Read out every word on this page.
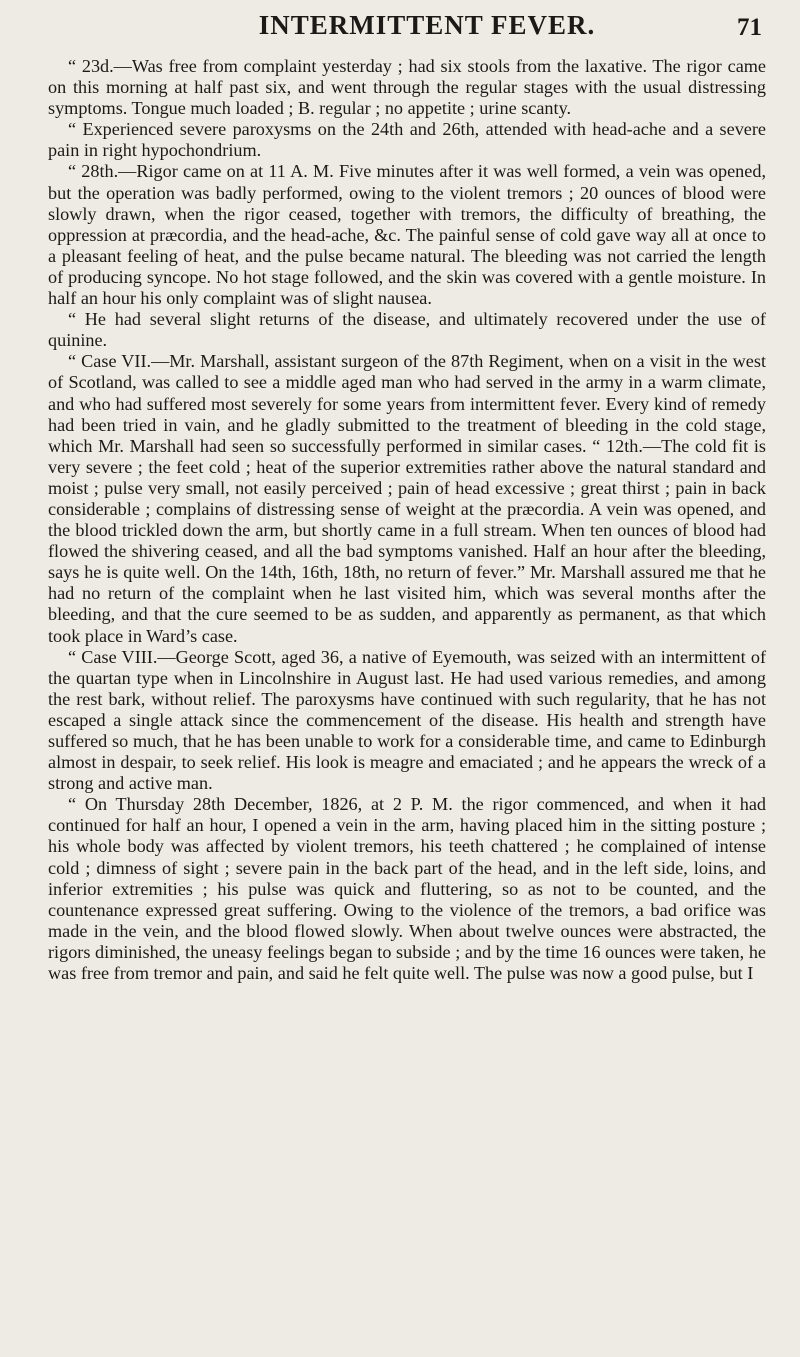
INTERMITTENT FEVER.	71

“ 23d.—Was free from complaint yesterday ; had six stools from the laxative. The rigor came on this morning at half past six, and went through the regular stages with the usual distressing symptoms. Tongue much loaded ; B. regular ; no appetite ; urine scanty.

“ Experienced severe paroxysms on the 24th and 26th, attended with head-ache and a severe pain in right hypochondrium.

“ 28th.—Rigor came on at 11 A. M. Five minutes after it was well formed, a vein was opened, but the operation was badly performed, owing to the violent tremors ; 20 ounces of blood were slowly drawn, when the rigor ceased, together with tremors, the difficulty of breathing, the oppression at præcordia, and the head-ache, &c. The painful sense of cold gave way all at once to a pleasant feeling of heat, and the pulse became natural. The bleeding was not carried the length of producing syncope. No hot stage followed, and the skin was covered with a gentle moisture. In half an hour his only complaint was of slight nausea.

“ He had several slight returns of the disease, and ultimately recovered under the use of quinine.

“ Case VII.—Mr. Marshall, assistant surgeon of the 87th Regiment, when on a visit in the west of Scotland, was called to see a middle aged man who had served in the army in a warm climate, and who had suffered most severely for some years from intermittent fever. Every kind of remedy had been tried in vain, and he gladly submitted to the treatment of bleeding in the cold stage, which Mr. Marshall had seen so successfully performed in similar cases. “ 12th.—The cold fit is very severe ; the feet cold ; heat of the superior extremities rather above the natural standard and moist ; pulse very small, not easily perceived ; pain of head excessive ; great thirst ; pain in back considerable ; complains of distressing sense of weight at the præcordia. A vein was opened, and the blood trickled down the arm, but shortly came in a full stream. When ten ounces of blood had flowed the shivering ceased, and all the bad symptoms vanished. Half an hour after the bleeding, says he is quite well. On the 14th, 16th, 18th, no return of fever.” Mr. Marshall assured me that he had no return of the complaint when he last visited him, which was several months after the bleeding, and that the cure seemed to be as sudden, and apparently as permanent, as that which took place in Ward’s case.

“ Case VIII.—George Scott, aged 36, a native of Eyemouth, was seized with an intermittent of the quartan type when in Lincolnshire in August last. He had used various remedies, and among the rest bark, without relief. The paroxysms have continued with such regularity, that he has not escaped a single attack since the commencement of the disease. His health and strength have suffered so much, that he has been unable to work for a considerable time, and came to Edinburgh almost in despair, to seek relief. His look is meagre and emaciated ; and he appears the wreck of a strong and active man.

“ On Thursday 28th December, 1826, at 2 P. M. the rigor commenced, and when it had continued for half an hour, I opened a vein in the arm, having placed him in the sitting posture ; his whole body was affected by violent tremors, his teeth chattered ; he complained of intense cold ; dimness of sight ; severe pain in the back part of the head, and in the left side, loins, and inferior extremities ; his pulse was quick and fluttering, so as not to be counted, and the countenance expressed great suffering. Owing to the violence of the tremors, a bad orifice was made in the vein, and the blood flowed slowly. When about twelve ounces were abstracted, the rigors diminished, the uneasy feelings began to subside ; and by the time 16 ounces were taken, he was free from tremor and pain, and said he felt quite well. The pulse was now a good pulse, but I
